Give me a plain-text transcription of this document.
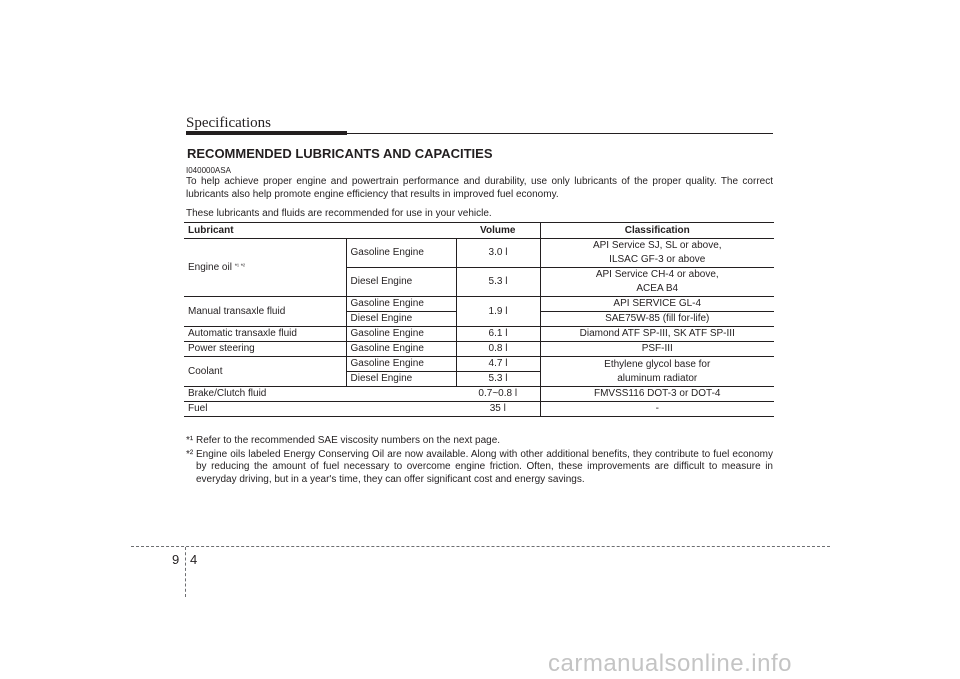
Specifications
RECOMMENDED LUBRICANTS AND CAPACITIES
I040000ASA

To help achieve proper engine and powertrain performance and durability, use only lubricants of the proper quality. The correct lubricants also help promote engine efficiency that results in improved fuel economy.

These lubricants and fluids are recommended for use in your vehicle.
Lubricant		Volume	Classification
Engine oil $^{*^1 *^2}$	Gasoline Engine	3.0 l	API Service SJ, SL or above,
ILSAC GF-3 or above

	Diesel Engine	5.3 l	API Service CH-4 or above,
ACEA B4

Manual transaxle fluid	Gasoline Engine	1.9 l	API SERVICE GL-4
	Diesel Engine		SAE75W-85 (fill for-life)
Automatic transaxle fluid	Gasoline Engine	6.1 l	Diamond ATF SP-III, SK ATF SP-III
Power steering	Gasoline Engine	0.8 l	PSF-III
Coolant	Gasoline Engine	4.7 l	Ethylene glycol base for
aluminum radiator

	Diesel Engine	5.3 l	
Brake/Clutch fluid		0.7~0.8 l	FMVSS116 DOT-3 or DOT-4
Fuel		35 l	-

*¹ Refer to the recommended SAE viscosity numbers on the next page.

*² Engine oils labeled Energy Conserving Oil are now available. Along with other additional benefits, they contribute to fuel economy by reducing the amount of fuel necessary to overcome engine friction. Often, these improvements are difficult to measure in everyday driving, but in a year's time, they can offer significant cost and energy savings.

9 4
carmanualsonline.info
